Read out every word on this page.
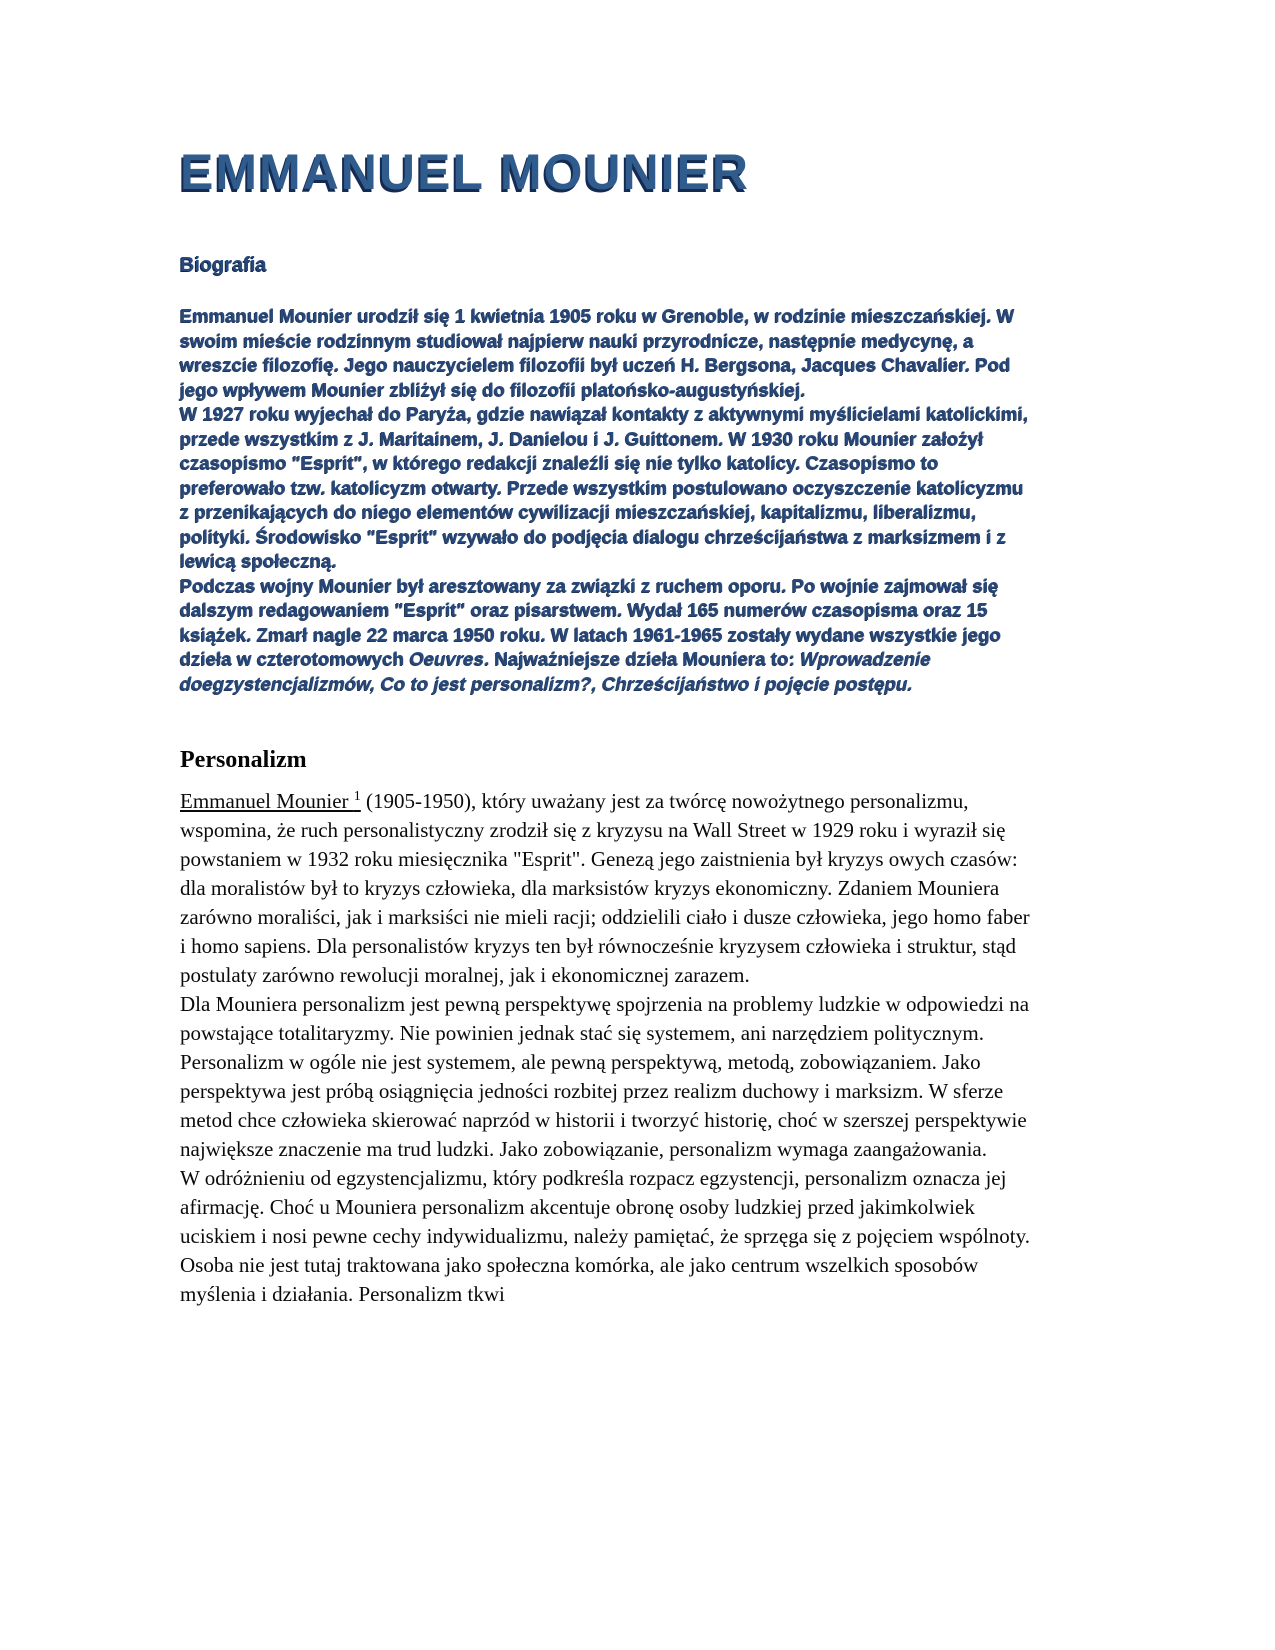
EMMANUEL MOUNIER
Biografia

Emmanuel Mounier urodził się 1 kwietnia 1905 roku w Grenoble, w rodzinie mieszczańskiej. W swoim mieście rodzinnym studiował najpierw nauki przyrodnicze, następnie medycynę, a wreszcie filozofię. Jego nauczycielem filozofii był uczeń H. Bergsona, Jacques Chavalier. Pod jego wpływem Mounier zbliżył się do filozofii platońsko-augustyńskiej.

W 1927 roku wyjechał do Paryża, gdzie nawiązał kontakty z aktywnymi myślicielami katolickimi, przede wszystkim z J. Maritainem, J. Danielou i J. Guittonem. W 1930 roku Mounier założył czasopismo "Esprit", w którego redakcji znaleźli się nie tylko katolicy. Czasopismo to preferowało tzw. katolicyzm otwarty. Przede wszystkim postulowano oczyszczenie katolicyzmu z przenikających do niego elementów cywilizacji mieszczańskiej, kapitalizmu, liberalizmu, polityki. Środowisko "Esprit" wzywało do podjęcia dialogu chrześcijaństwa z marksizmem i z lewicą społeczną.

Podczas wojny Mounier był aresztowany za związki z ruchem oporu. Po wojnie zajmował się dalszym redagowaniem "Esprit" oraz pisarstwem. Wydał 165 numerów czasopisma oraz 15 książek. Zmarł nagle 22 marca 1950 roku. W latach 1961-1965 zostały wydane wszystkie jego dzieła w czterotomowych Oeuvres. Najważniejsze dzieła Mouniera to: Wprowadzenie doegzystencjalizmów, Co to jest personalizm?, Chrześcijaństwo i pojęcie postępu.

Personalizm

Emmanuel Mounier $^1$ (1905-1950), który uważany jest za twórcę nowożytnego personalizmu, wspomina, że ruch personalistyczny zrodził się z kryzysu na Wall Street w 1929 roku i wyraził się powstaniem w 1932 roku miesięcznika "Esprit". Genezą jego zaistnienia był kryzys owych czasów: dla moralistów był to kryzys człowieka, dla marksistów kryzys ekonomiczny. Zdaniem Mouniera zarówno moraliści, jak i marksiści nie mieli racji; oddzielili ciało i dusze człowieka, jego homo faber i homo sapiens. Dla personalistów kryzys ten był równocześnie kryzysem człowieka i struktur, stąd postulaty zarówno rewolucji moralnej, jak i ekonomicznej zarazem.

Dla Mouniera personalizm jest pewną perspektywę spojrzenia na problemy ludzkie w odpowiedzi na powstające totalitaryzmy. Nie powinien jednak stać się systemem, ani narzędziem politycznym. Personalizm w ogóle nie jest systemem, ale pewną perspektywą, metodą, zobowiązaniem. Jako perspektywa jest próbą osiągnięcia jedności rozbitej przez realizm duchowy i marksizm. W sferze metod chce człowieka skierować naprzód w historii i tworzyć historię, choć w szerszej perspektywie największe znaczenie ma trud ludzki. Jako zobowiązanie, personalizm wymaga zaangażowania.

W odróżnieniu od egzystencjalizmu, który podkreśla rozpacz egzystencji, personalizm oznacza jej afirmację. Choć u Mouniera personalizm akcentuje obronę osoby ludzkiej przed jakimkolwiek uciskiem i nosi pewne cechy indywidualizmu, należy pamiętać, że sprzęga się z pojęciem wspólnoty. Osoba nie jest tutaj traktowana jako społeczna komórka, ale jako centrum wszelkich sposobów myślenia i działania. Personalizm tkwi
